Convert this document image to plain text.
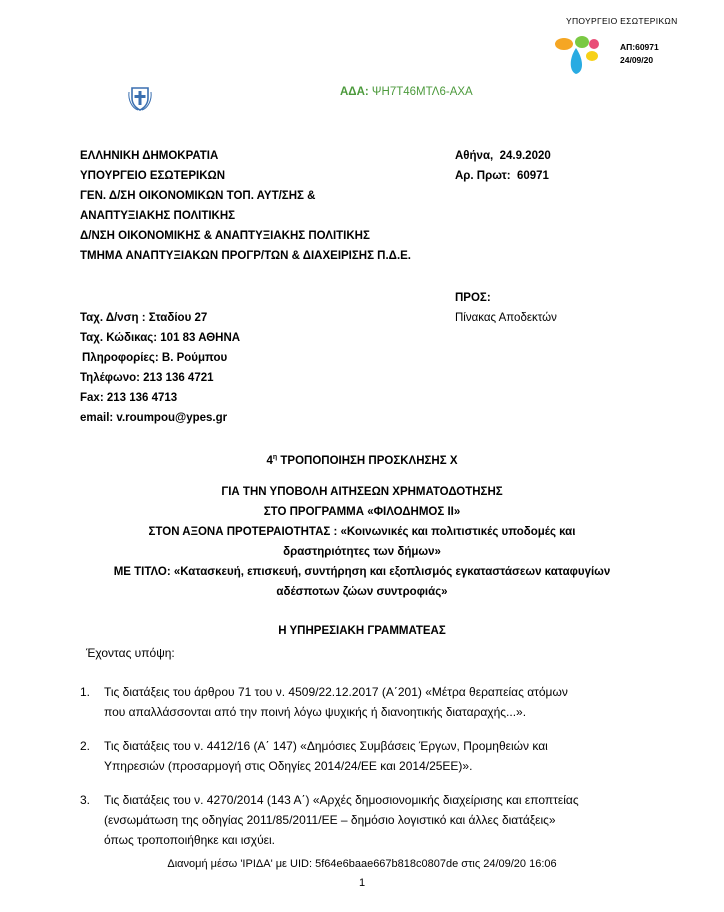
ΥΠΟΥΡΓΕΙΟ ΕΣΩΤΕΡΙΚΩΝ
ΑΠ:60971
24/09/20
ΑΔΑ: ΨΗ7Τ46ΜΤΛ6-ΑΧΑ
ΕΛΛΗΝΙΚΗ ΔΗΜΟΚΡΑΤΙΑ
ΥΠΟΥΡΓΕΙΟ ΕΣΩΤΕΡΙΚΩΝ
ΓΕΝ. Δ/ΣΗ ΟΙΚΟΝΟΜΙΚΩΝ ΤΟΠ. ΑΥΤ/ΣΗΣ &
ΑΝΑΠΤΥΞΙΑΚΗΣ ΠΟΛΙΤΙΚΗΣ
Δ/ΝΣΗ ΟΙΚΟΝΟΜΙΚΗΣ & ΑΝΑΠΤΥΞΙΑΚΗΣ ΠΟΛΙΤΙΚΗΣ
ΤΜΗΜΑ ΑΝΑΠΤΥΞΙΑΚΩΝ ΠΡΟΓΡ/ΤΩΝ & ΔΙΑΧΕΙΡΙΣΗΣ Π.Δ.Ε.
Αθήνα,  24.9.2020
Αρ. Πρωτ:  60971
ΠΡΟΣ:
Πίνακας Αποδεκτών
Ταχ. Δ/νση : Σταδίου 27
Ταχ. Κώδικας: 101 83 ΑΘΗΝΑ
Πληροφορίες: Β. Ρούμπου
Τηλέφωνο: 213 136 4721
Fax: 213 136 4713
email: v.roumpou@ypes.gr
$4^\eta$ ΤΡΟΠΟΠΟΙΗΣΗ ΠΡΟΣΚΛΗΣΗΣ Χ
ΓΙΑ ΤΗΝ ΥΠΟΒΟΛΗ ΑΙΤΗΣΕΩΝ ΧΡΗΜΑΤΟΔΟΤΗΣΗΣ
ΣΤΟ ΠΡΟΓΡΑΜΜΑ «ΦΙΛΟΔΗΜΟΣ ΙΙ»
ΣΤΟΝ ΑΞΟΝΑ ΠΡΟΤΕΡΑΙΟΤΗΤΑΣ : «Κοινωνικές και πολιτιστικές υποδομές και
δραστηριότητες των δήμων»
ΜΕ ΤΙΤΛΟ: «Κατασκευή, επισκευή, συντήρηση και εξοπλισμός εγκαταστάσεων καταφυγίων
αδέσποτων ζώων συντροφιάς»
Η ΥΠΗΡΕΣΙΑΚΗ ΓΡΑΜΜΑΤΕΑΣ
Έχοντας υπόψη:
1. Τις διατάξεις του άρθρου 71 του ν. 4509/22.12.2017 (Α΄201) «Μέτρα θεραπείας ατόμων
που απαλλάσσονται από την ποινή λόγω ψυχικής ή διανοητικής διαταραχής...».
2. Τις διατάξεις του ν. 4412/16 (Α΄ 147) «Δημόσιες Συμβάσεις Έργων, Προμηθειών και
Υπηρεσιών (προσαρμογή στις Οδηγίες 2014/24/ΕΕ και 2014/25ΕΕ)».
3. Τις διατάξεις του ν. 4270/2014 (143 Α΄) «Αρχές δημοσιονομικής διαχείρισης και εποπτείας
(ενσωμάτωση της οδηγίας 2011/85/2011/ΕΕ – δημόσιο λογιστικό και άλλες διατάξεις»
όπως τροποποιήθηκε και ισχύει.
Διανομή μέσω 'ΙΡΙΔΑ' με UID: 5f64e6baae667b818c0807de στις 24/09/20 16:06
1
